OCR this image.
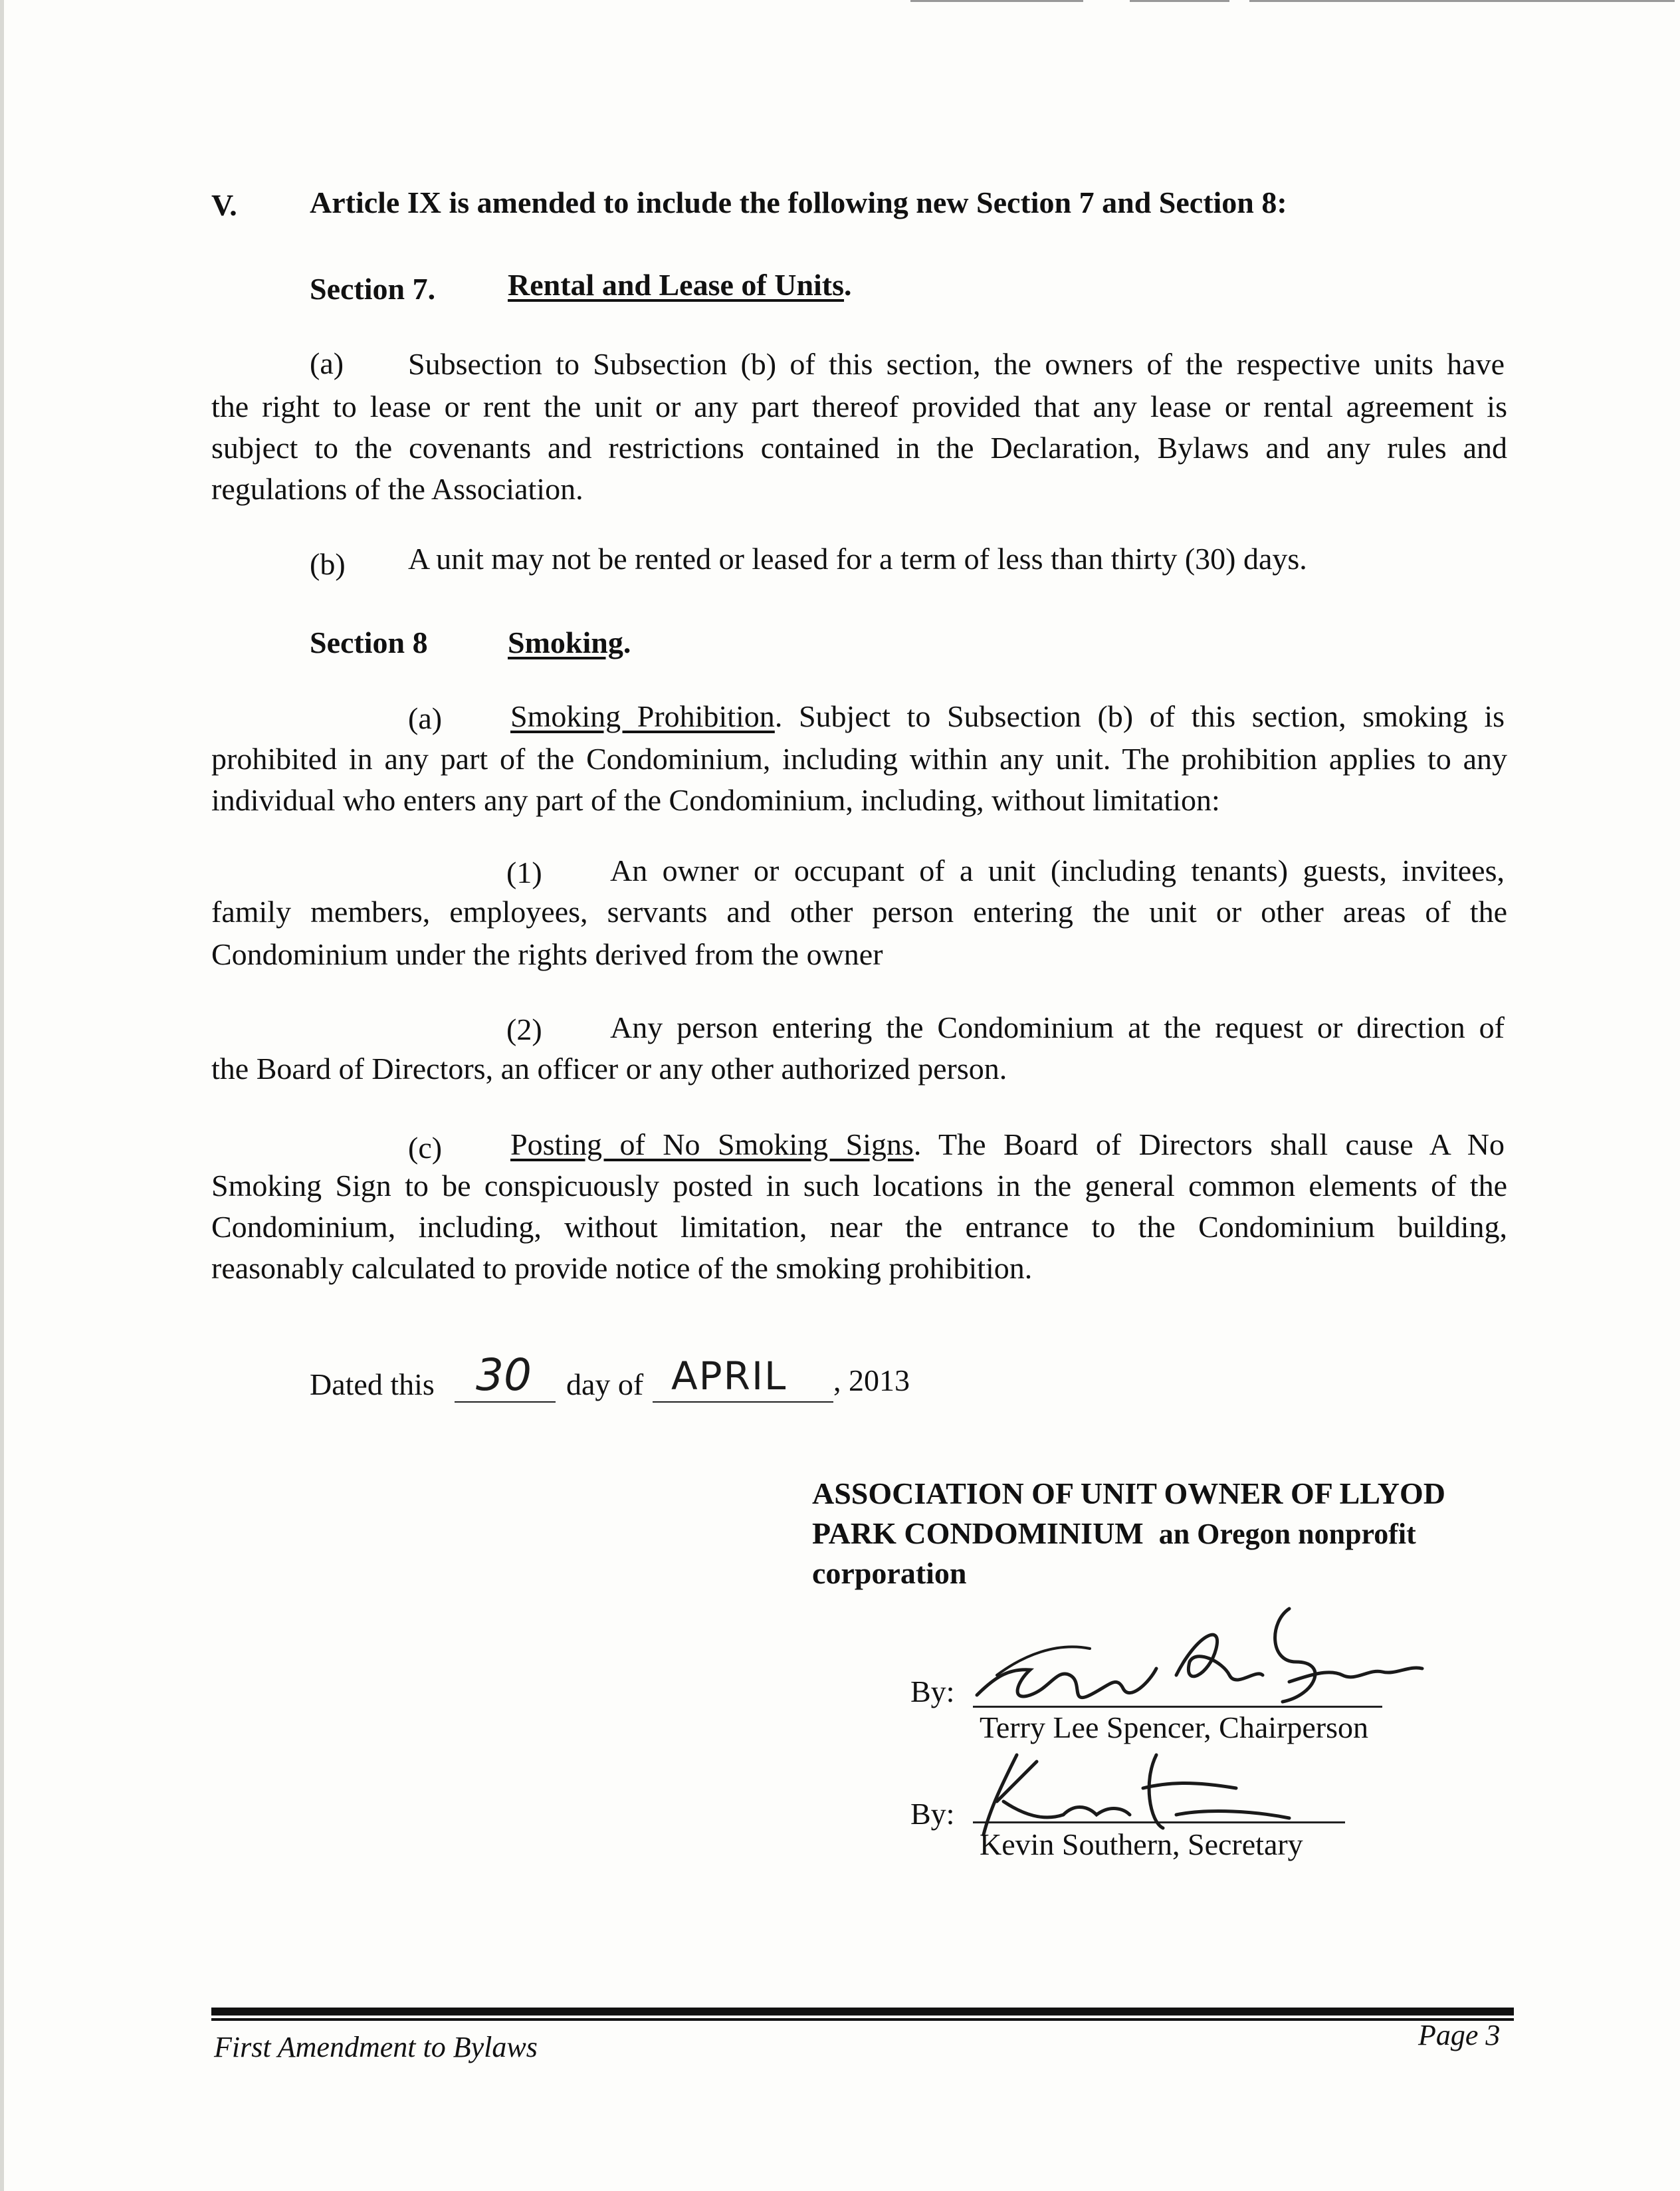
V. Article IX is amended to include the following new Section 7 and Section 8:
Section 7. Rental and Lease of Units.
(a) Subsection to Subsection (b) of this section, the owners of the respective units have
the right to lease or rent the unit or any part thereof provided that any lease or rental agreement is
subject to the covenants and restrictions contained in the Declaration, Bylaws and any rules and
regulations of the Association.
(b) A unit may not be rented or leased for a term of less than thirty (30) days.
Section 8	Smoking.
(a) Smoking Prohibition. Subject to Subsection (b) of this section, smoking is
prohibited in any part of the Condominium, including within any unit. The prohibition applies to any
individual who enters any part of the Condominium, including, without limitation:
(1) An owner or occupant of a unit (including tenants) guests, invitees,
family members, employees, servants and other person entering the unit or other areas of the
Condominium under the rights derived from the owner
(2) Any person entering the Condominium at the request or direction of
the Board of Directors, an officer or any other authorized person.
(c) Posting of No Smoking Signs. The Board of Directors shall cause A No
Smoking Sign to be conspicuously posted in such locations in the general common elements of the
Condominium, including, without limitation, near the entrance to the Condominium building,
reasonably calculated to provide notice of the smoking prohibition.
Dated this 30 day of APRIL , 2013
ASSOCIATION OF UNIT OWNER OF LLYOD
PARK CONDOMINIUM an Oregon nonprofit
corporation
By:
Terry Lee Spencer, Chairperson
By:
Kevin Southern, Secretary
First Amendment to Bylaws	Page 3
